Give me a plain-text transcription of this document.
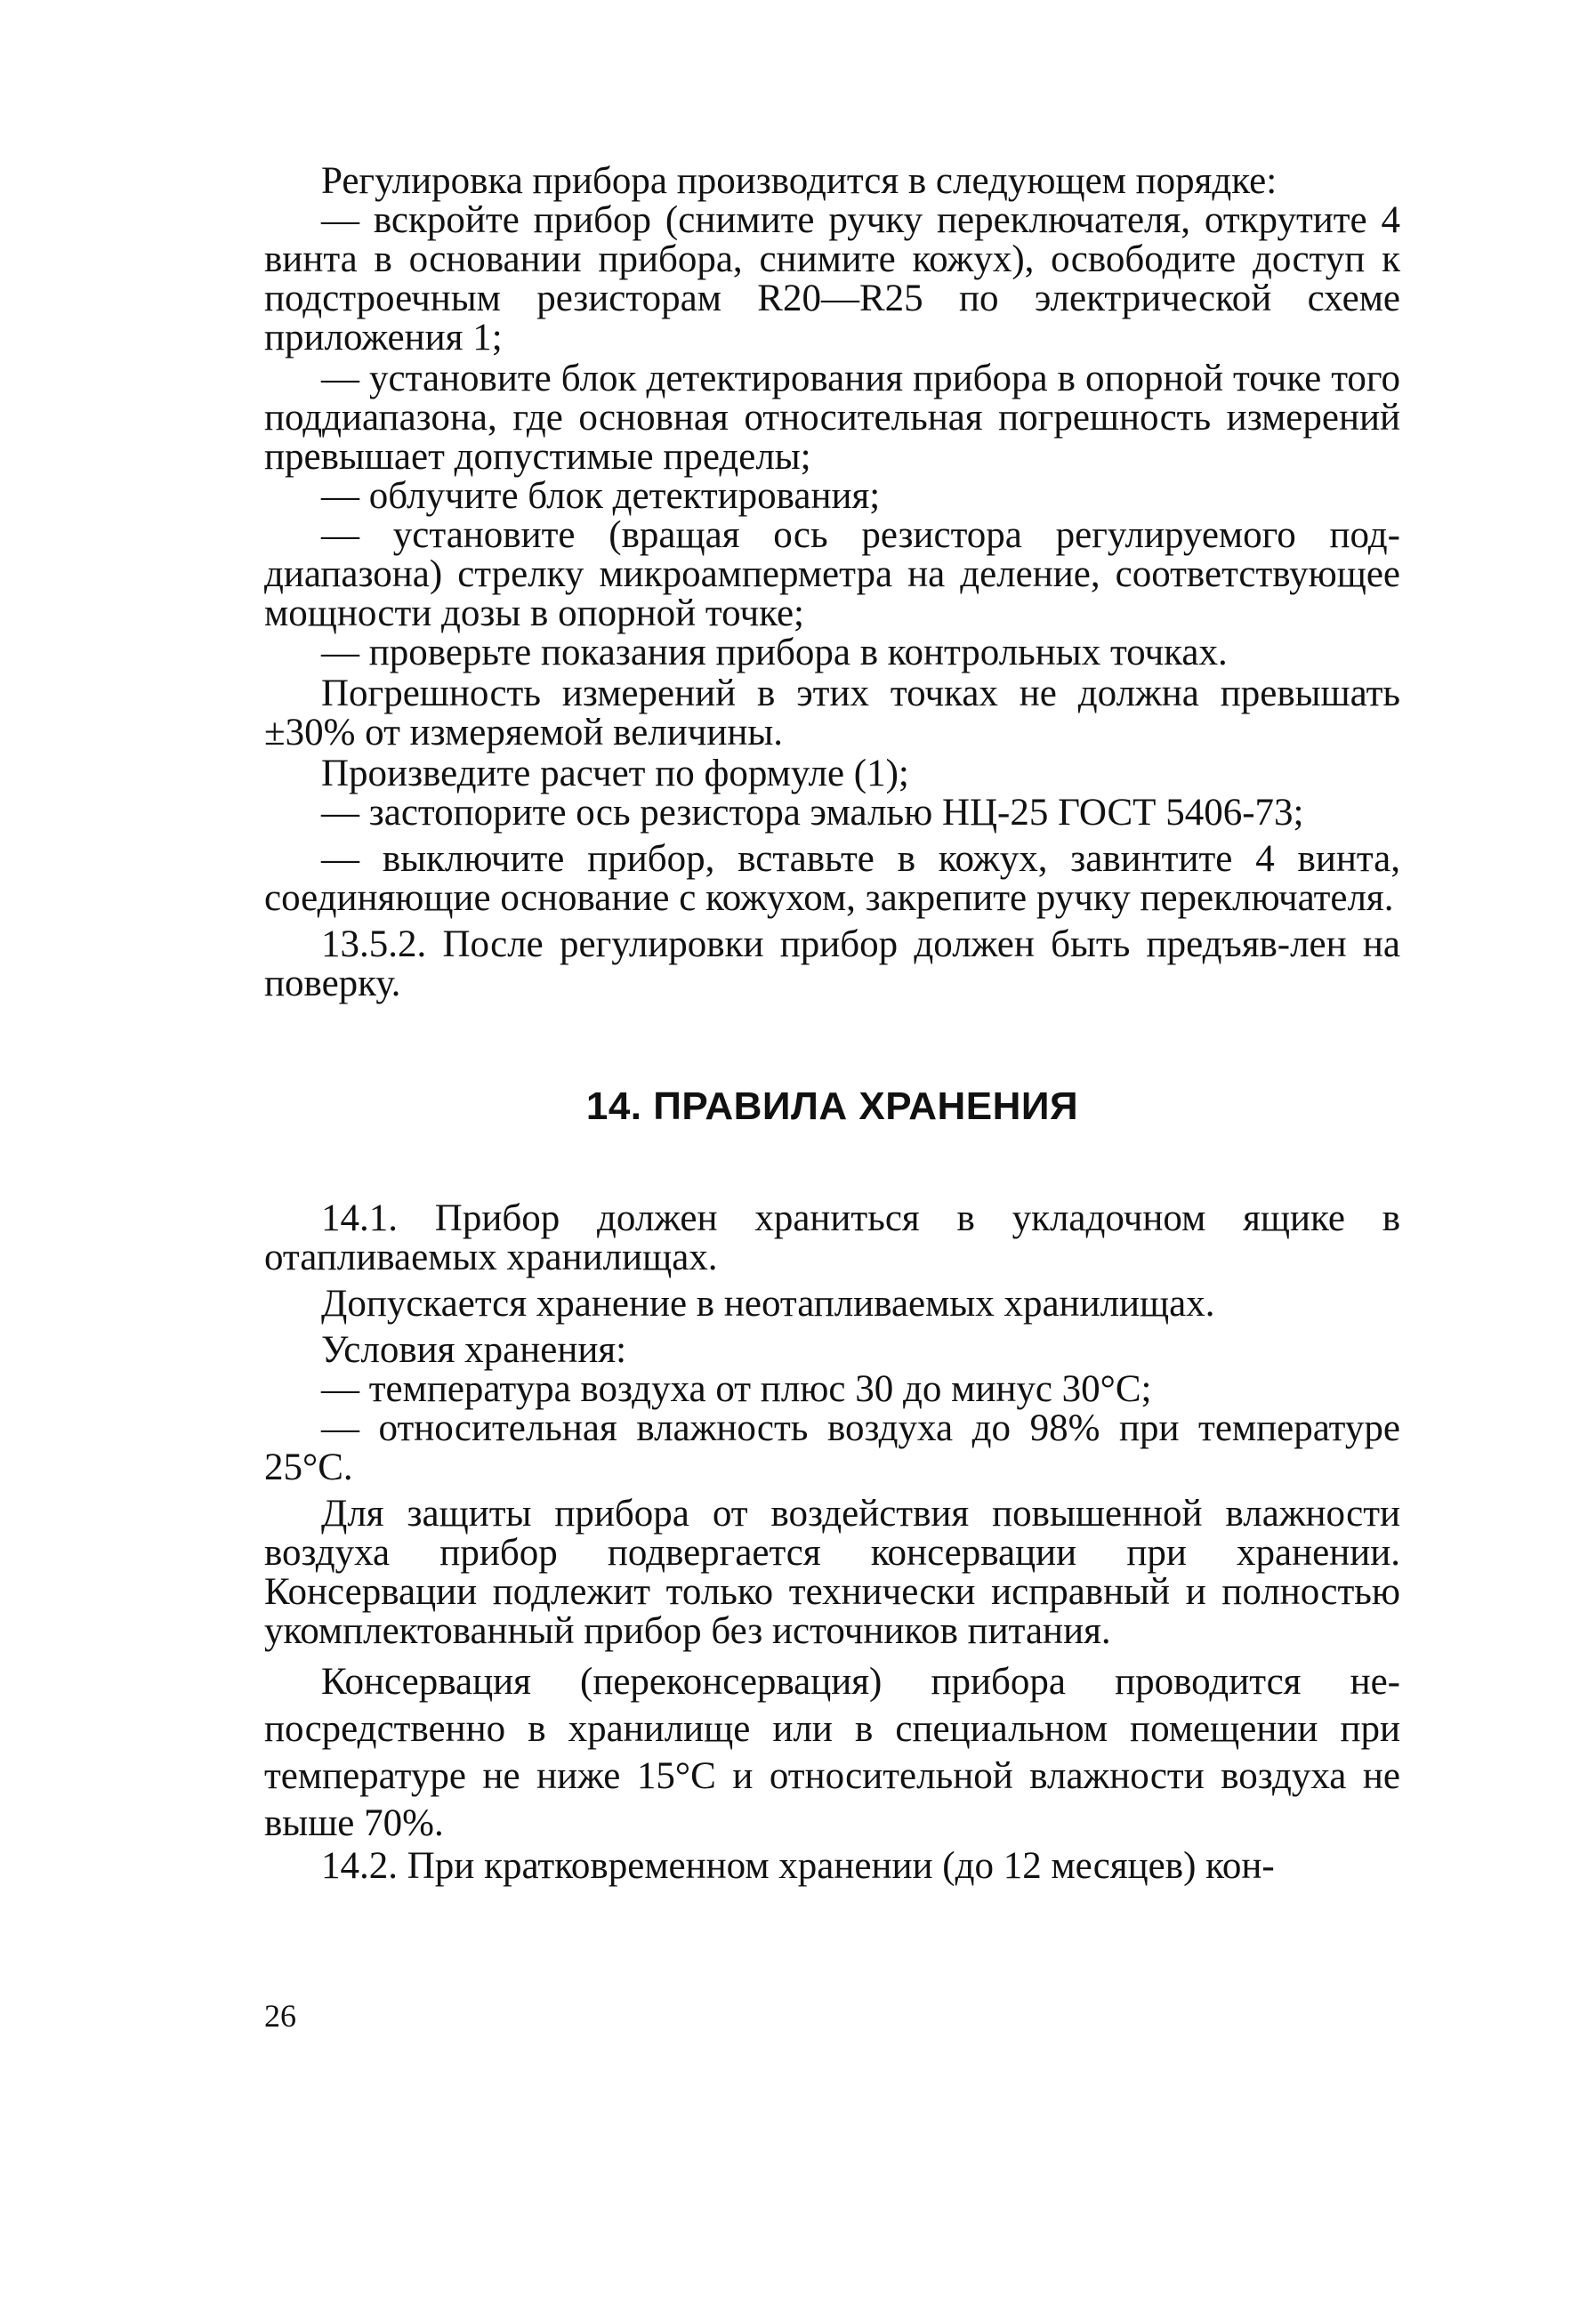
Регулировка прибора производится в следующем порядке:

— вскройте прибор (снимите ручку переключателя, открутите 4 винта в основании прибора, снимите кожух), освободите доступ к подстроечным резисторам R20—R25 по электрической схеме приложения 1;

— установите блок детектирования прибора в опорной точке того поддиапазона, где основная относительная погрешность измерений превышает допустимые пределы;

— облучите блок детектирования;

— установите (вращая ось резистора регулируемого поддиапазона) стрелку микроамперметра на деление, соответствующее мощности дозы в опорной точке;

— проверьте показания прибора в контрольных точках.

Погрешность измерений в этих точках не должна превышать ±30% от измеряемой величины.

Произведите расчет по формуле (1);

— застопорите ось резистора эмалью НЦ-25 ГОСТ 5406-73;

— выключите прибор, вставьте в кожух, завинтите 4 винта, соединяющие основание с кожухом, закрепите ручку переключателя.

13.5.2. После регулировки прибор должен быть предъяв-лен на поверку.

14. ПРАВИЛА ХРАНЕНИЯ

14.1. Прибор должен храниться в укладочном ящике в отапливаемых хранилищах.

Допускается хранение в неотапливаемых хранилищах.

Условия хранения:

— температура воздуха от плюс 30 до минус 30°С;

— относительная влажность воздуха до 98% при температуре 25°С.

Для защиты прибора от воздействия повышенной влажности воздуха прибор подвергается консервации при хранении. Консервации подлежит только технически исправный и полностью укомплектованный прибор без источников питания.

Консервация (переконсервация) прибора проводится непосредственно в хранилище или в специальном помещении при температуре не ниже 15°С и относительной влажности воздуха не выше 70%.

14.2. При кратковременном хранении (до 12 месяцев) кон-

26
